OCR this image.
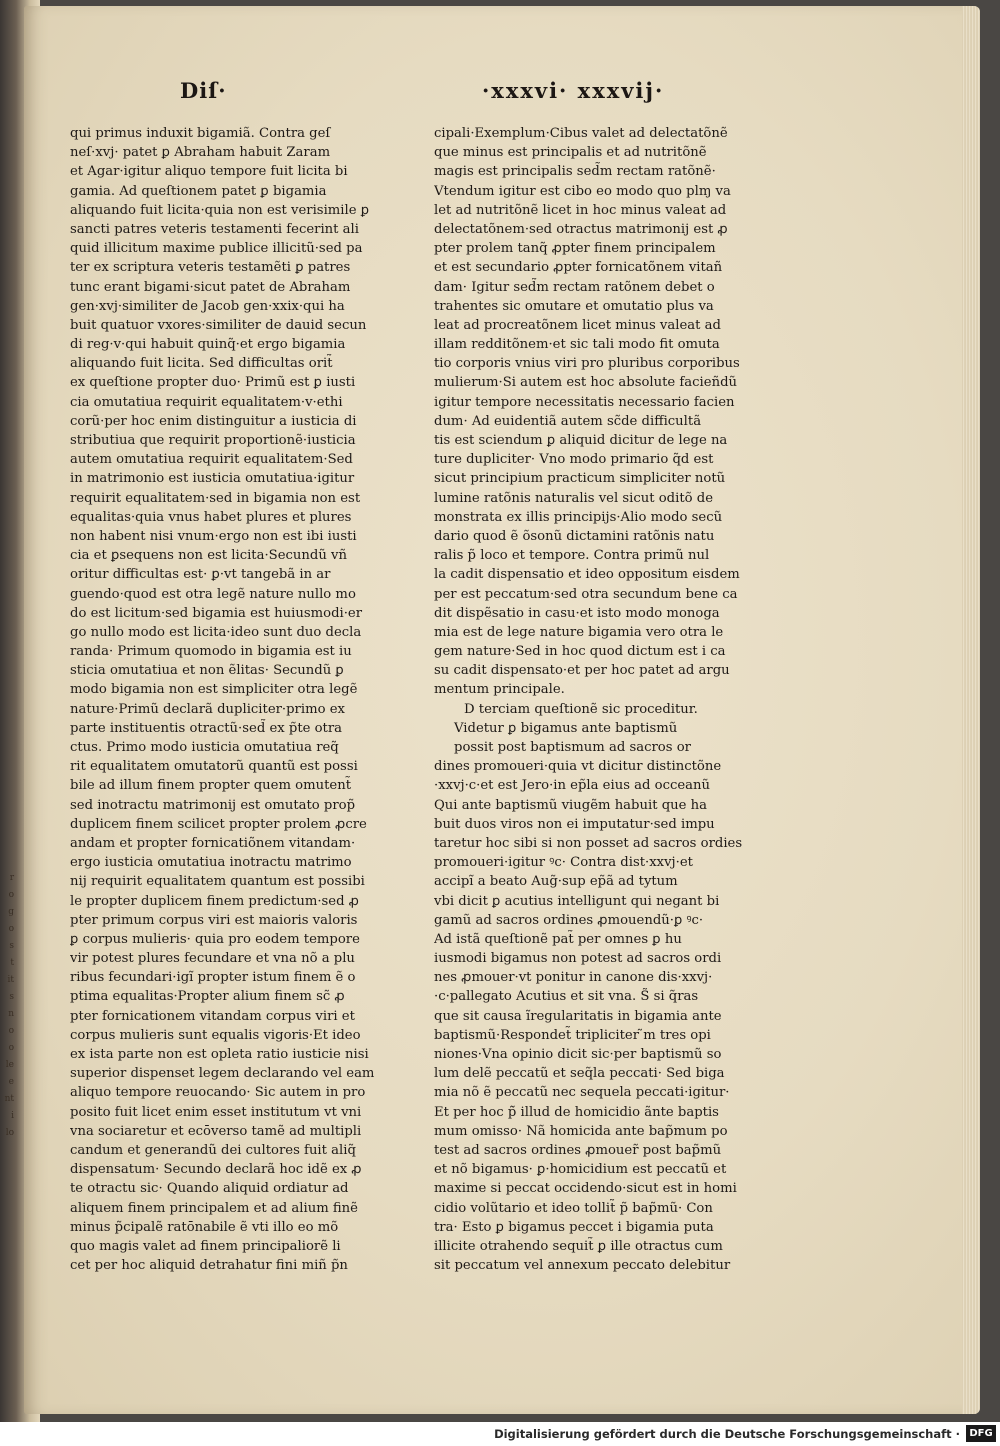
r
o
g
o
s
t
it
s
n
o
o
le
e
nt
i
lo
Diſ·	·xxxvi· xxxvij·
qui primus induxit bigamiã. Contra geſ
neſ·xvj· patet ꝑ Abraham habuit Zaram
et Agar·igitur aliquo tempore fuit licita bi
gamia. Ad queſtionem patet ꝑ bigamia
aliquando fuit licita·quia non est verisimile ꝑ
sancti patres veteris testamenti fecerint ali
quid illicitum maxime publice illicitũ·sed pa
ter ex scriptura veteris testamẽti ꝑ patres
tunc erant bigami·sicut patet de Abraham
gen·xvj·similiter de Jacob gen·xxix·qui ha
buit quatuor vxores·similiter de dauid secun
di reg·v·qui habuit quinq̃·et ergo bigamia
aliquando fuit licita. Sed difficultas orit̃
ex queſtione propter duo· Primũ est ꝑ iusti
cia omutatiua requirit equalitatem·v·ethi
corũ·per hoc enim distinguitur a iusticia di
stributiua que requirit proportionẽ·iusticia
autem omutatiua requirit equalitatem·Sed
in matrimonio est iusticia omutatiua·igitur
requirit equalitatem·sed in bigamia non est
equalitas·quia vnus habet plures et plures
non habent nisi vnum·ergo non est ibi iusti
cia et ꝑsequens non est licita·Secundũ vñ
oritur difficultas est· ꝑ·vt tangebã in ar
guendo·quod est otra legẽ nature nullo mo
do est licitum·sed bigamia est huiusmodi·er
go nullo modo est licita·ideo sunt duo decla
randa· Primum quomodo in bigamia est iu
sticia omutatiua et non ẽlitas· Secundũ ꝑ
modo bigamia non est simpliciter otra legẽ
nature·Primũ declarã dupliciter·primo ex
parte instituentis otractũ·sed̃ ex p̃te otra
ctus. Primo modo iusticia omutatiua req̃
rit equalitatem omutatorũ quantũ est possi
bile ad illum finem propter quem omutent̃
sed inotractu matrimonij est omutato prop̃
duplicem finem scilicet propter prolem ꝓcre
andam et propter fornicatiõnem vitandam·
ergo iusticia omutatiua inotractu matrimo
nij requirit equalitatem quantum est possibi
le propter duplicem finem predictum·sed ꝓ
pter primum corpus viri est maioris valoris
ꝑ corpus mulieris· quia pro eodem tempore
vir potest plures fecundare et vna nõ a plu
ribus fecundari·igĩ propter istum finem ẽ o
ptima equalitas·Propter alium finem sc̃ ꝓ
pter fornicationem vitandam corpus viri et
corpus mulieris sunt equalis vigoris·Et ideo
ex ista parte non est opleta ratio iusticie nisi
superior dispenset legem declarando vel eam
aliquo tempore reuocando· Sic autem in pro
posito fuit licet enim esset institutum vt vni
vna sociaretur et ecōverso tamẽ ad multipli
candum et generandũ dei cultores fuit aliq̃
dispensatum· Secundo declarã hoc idẽ ex ꝓ
te otractu sic· Quando aliquid ordiatur ad
aliquem finem principalem et ad alium finẽ
minus p̃cipalẽ ratōnabile ẽ vti illo eo mõ
quo magis valet ad finem principaliorẽ li
cet per hoc aliquid detrahatur fini miñ p̃n
cipali·Exemplum·Cibus valet ad delectatõnẽ
que minus est principalis et ad nutritõnẽ
magis est principalis sed̃m rectam ratõnẽ·
Vtendum igitur est cibo eo modo quo plɱ va
let ad nutritõnẽ licet in hoc minus valeat ad
delectatõnem·sed otractus matrimonij est ꝓ
pter prolem tanq̃ ꝓpter finem principalem
et est secundario ꝓpter fornicatõnem vitañ
dam· Igitur sed̃m rectam ratõnem debet o
trahentes sic omutare et omutatio plus va
leat ad procreatõnem licet minus valeat ad
illam redditõnem·et sic tali modo fit omuta
tio corporis vnius viri pro pluribus corporibus
mulierum·Si autem est hoc absolute facieñdũ
igitur tempore necessitatis necessario facien
dum· Ad euidentiã autem sc̃de difficultã
tis est sciendum ꝑ aliquid dicitur de lege na
ture dupliciter· Vno modo primario q̃d est
sicut principium practicum simpliciter notũ
lumine ratõnis naturalis vel sicut oditõ de
monstrata ex illis principijs·Alio modo secũ
dario quod ẽ õsonũ dictamini ratõnis natu
ralis p̃ loco et tempore. Contra primũ nul
la cadit dispensatio et ideo oppositum eisdem
per est peccatum·sed otra secundum bene ca
dit dispẽsatio in casu·et isto modo monoga
mia est de lege nature bigamia vero otra le
gem nature·Sed in hoc quod dictum est i ca
su cadit dispensato·et per hoc patet ad argu
mentum principale.
D terciam queſtionẽ sic proceditur.
Videtur ꝑ bigamus ante baptismũ
possit post baptismum ad sacros or
dines promoueri·quia vt dicitur distinctõne
·xxvj·c·et est Jero·in ep̃la eius ad occeanũ
Qui ante baptismũ viugẽm habuit que ha
buit duos viros non ei imputatur·sed impu
taretur hoc sibi si non posset ad sacros ordies
promoueri·igitur ꝰc· Contra dist·xxvj·et
accipĩ a beato Aug̃·sup ep̃ã ad tytum
vbi dicit ꝑ acutius intelligunt qui negant bi
gamũ ad sacros ordines ꝓmouendũ·ꝑ ꝰc·
Ad istã queſtionẽ pat̃ per omnes ꝑ hu
iusmodi bigamus non potest ad sacros ordi
nes ꝓmouer·vt ponitur in canone dis·xxvj·
·c·pallegato Acutius et sit vna. S̃ si q̃ras
que sit causa ĩregularitatis in bigamia ante
baptismũ·Respondet̃ tripliciter ̃m tres opi
niones·Vna opinio dicit sic·per baptismũ so
lum delẽ peccatũ et seq̃la peccati· Sed biga
mia nõ ẽ peccatũ nec sequela peccati·igitur·
Et per hoc p̃̃ illud de homicidio ãnte baptis
mum omisso· Nã homicida ante bap̃mum po
test ad sacros ordines ꝓmouer̃ post bap̃mũ
et nõ bigamus· ꝑ·homicidium est peccatũ et
maxime si peccat occidendo·sicut est in homi
cidio volũtario et ideo tollit̃ p̃ bap̃mũ· Con
tra· Esto ꝑ bigamus peccet i bigamia puta
illicite otrahendo sequit̃ ꝑ ille otractus cum
sit peccatum vel annexum peccato delebitur
Digitalisierung gefördert durch die Deutsche Forschungsgemeinschaft · DFG
